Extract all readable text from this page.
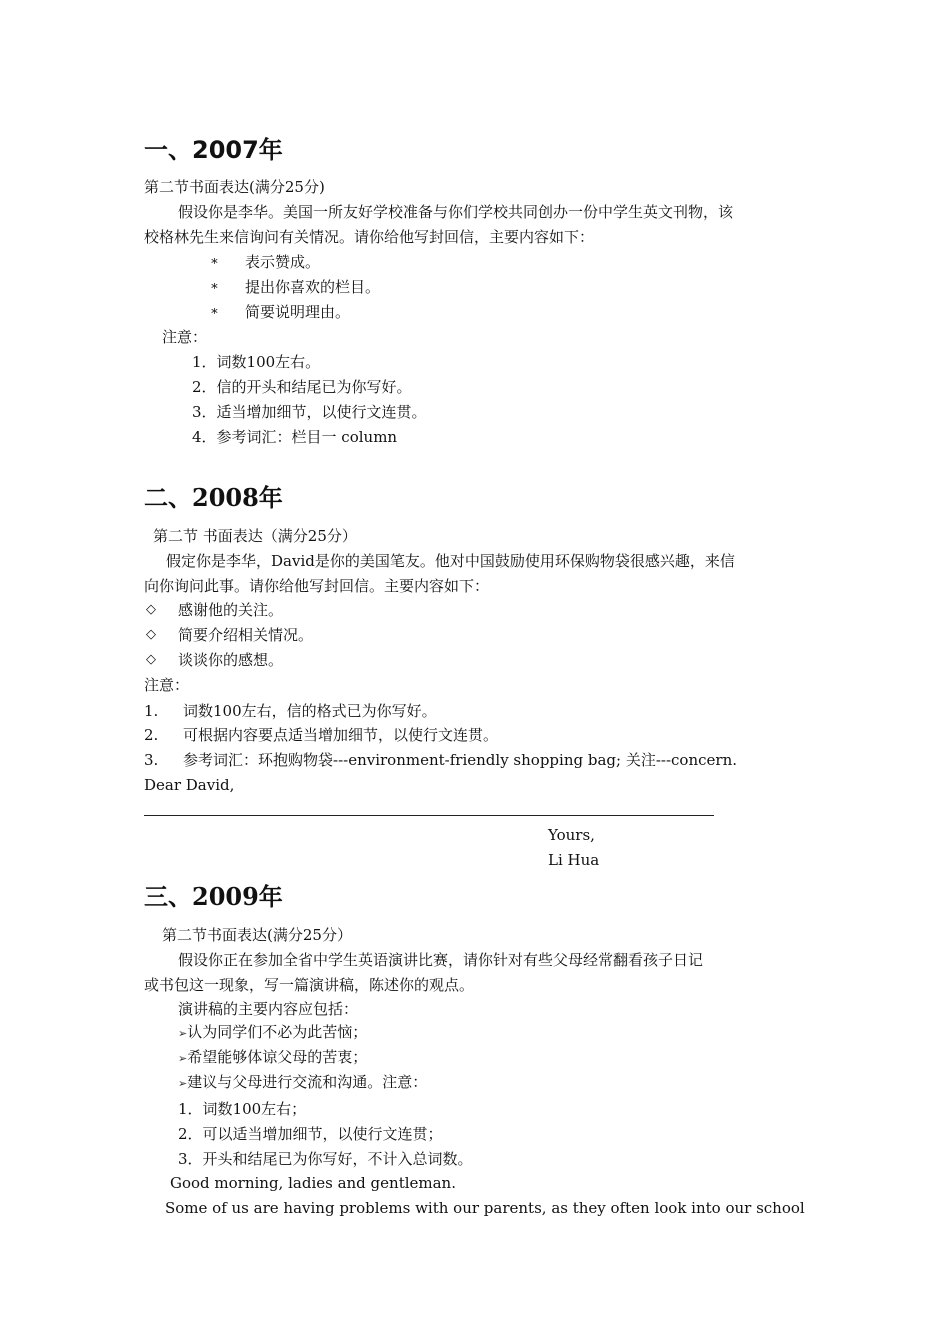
一、2007年
第二节书面表达(满分25分)
假设你是李华。美国一所友好学校准备与你们学校共同创办一份中学生英文刊物，该
校格林先生来信询问有关情况。请你给他写封回信，主要内容如下：
∗ 表示赞成。
∗ 提出你喜欢的栏目。
∗ 简要说明理由。
注意：
1．词数100左右。
2．信的开头和结尾已为你写好。
3．适当增加细节，以使行文连贯。
4．参考词汇：栏目一 column
二、2008年
第二节 书面表达（满分25分）
假定你是李华，David是你的美国笔友。他对中国鼓励使用环保购物袋很感兴趣，来信
向你询问此事。请你给他写封回信。主要内容如下：
◇ 感谢他的关注。
◇ 简要介绍相关情况。
◇ 谈谈你的感想。
注意：
1. 词数100左右，信的格式已为你写好。
2. 可根据内容要点适当增加细节，以使行文连贯。
3. 参考词汇：环抱购物袋---environment-friendly shopping bag; 关注---concern.
Dear David,
Yours,
Li Hua
三、2009年
第二节书面表达(满分25分）
假设你正在参加全省中学生英语演讲比赛，请你针对有些父母经常翻看孩子日记
或书包这一现象，写一篇演讲稿，陈述你的观点。
演讲稿的主要内容应包括：
➢认为同学们不必为此苦恼；
➢希望能够体谅父母的苦衷；
➢建议与父母进行交流和沟通。注意：
1．词数100左右；
2．可以适当增加细节，以使行文连贯；
3．开头和结尾已为你写好，不计入总词数。
Good morning, ladies and gentleman.
Some of us are having problems with our parents, as they often look into our school
